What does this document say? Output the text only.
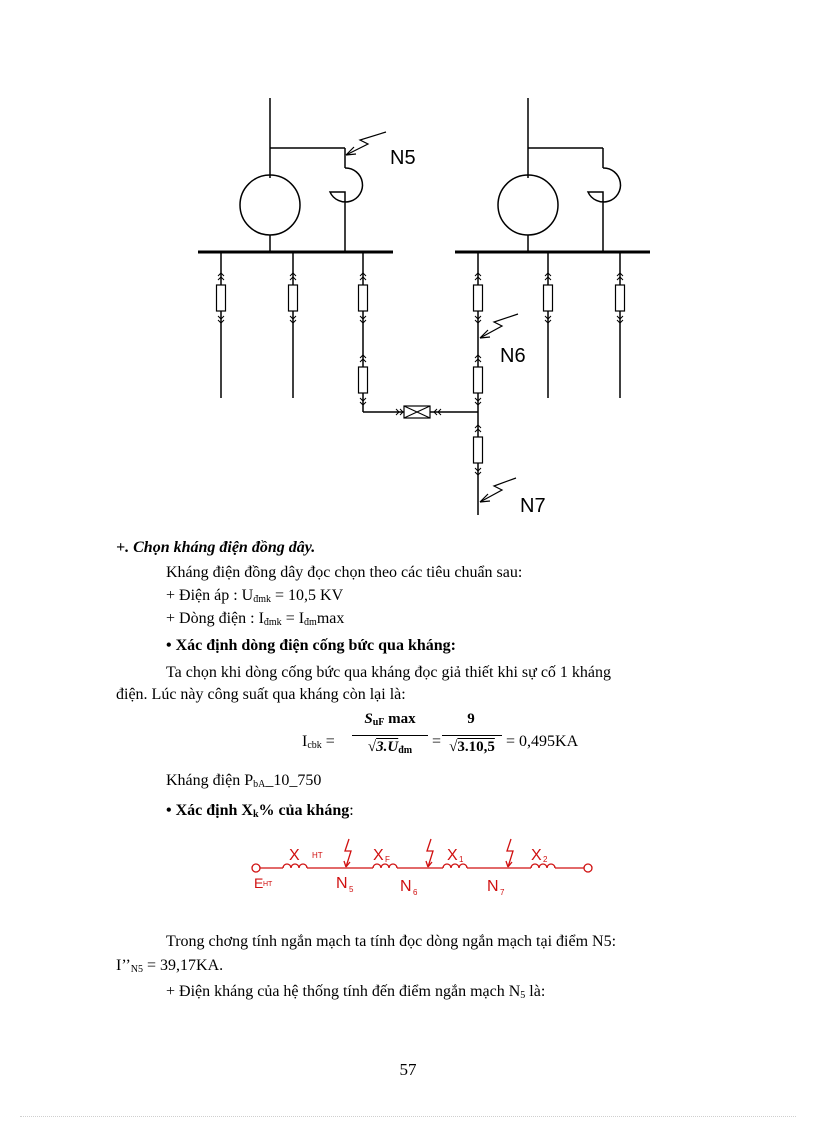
N5
N6
N7
+. Chọn kháng điện đồng dây.
Kháng điện đồng dây đọc chọn theo các tiêu chuẩn sau:
+ Điện áp : $U_{đmk} = 10,5$ KV
+ Dòng điện : $I_{đmk} = I_{đm}\max$
• Xác định dòng điện cống bức qua kháng:
Ta chọn khi dòng cống bức qua kháng đọc giả thiết khi sự cố 1 kháng
điện. Lúc này công suất qua kháng còn lại là:
$I_{cbk}$ =
$S_{uF}$ max
$√3.U_{đm}$
=
9
√3.10,5 = 0,495KA
Kháng điện $P_{bA}\_10\_750$
• Xác định $X_k\%$ của kháng:
X HT	X F	X 1	X 2
E HT	N 5	N 6	N 7
Trong chơng tính ngắn mạch ta tính đọc dòng ngắn mạch tại điểm N5:
$I’’_{N5} = 39,17KA$.
+ Điện kháng của hệ thống tính đến điểm ngắn mạch $N_5$ là:
57
